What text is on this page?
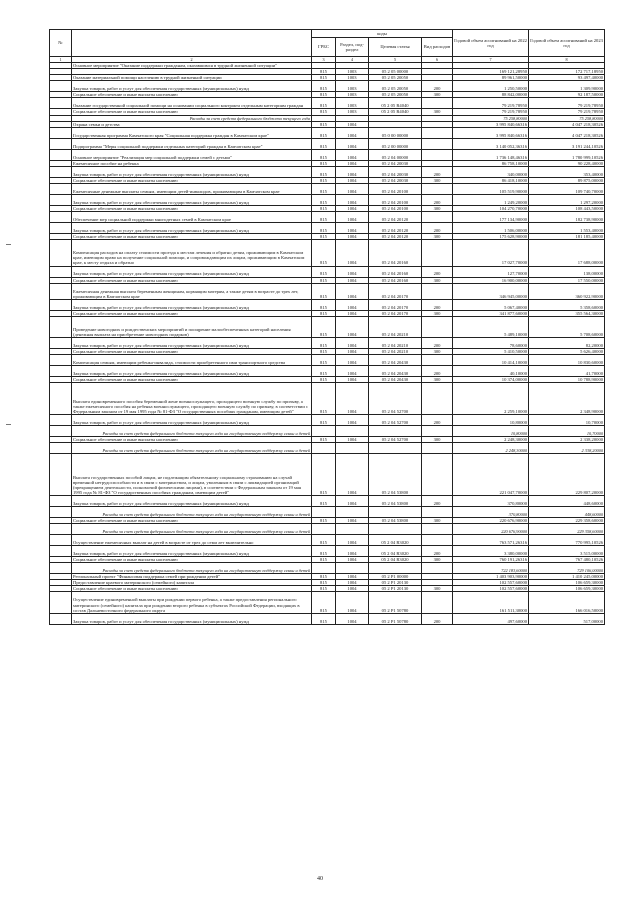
№		коды				Годовой объем ассигнований на 2022 год	Годовой объем ассигнований на 2023 год
		ГРБС	Раздел, под-раздел	Целевая статья	Вид расходов		
1	2	3	4	5	6	7	8
	Основное мероприятие "Оказание поддержки гражданам, оказавшимся в трудной жизненной ситуации"						
		815	1003	05 2 05 00000		169 121,28950	172 717,18950
	Оказание материальной помощи населению в трудной жизненной ситуации	815	1003	05 2 05 20050		89 961,50000	93 497,40000
	Закупка товаров, работ и услуг для обеспечения государственных (муниципальных) нужд	815	1003	05 2 05 20050	200	1 250,50000	1 309,90000
	Социальное обеспечение и иные выплаты населению	815	1003	05 2 05 20050	300	88 842,00000	92 187,50000
	Оказание государственной социальной помощи на основании социального контракта отдельным категориям граждан	815	1003	05 2 05 R4040		79 219,78950	79 219,78950
	Социальное обеспечение и иные выплаты населению	815	1003	05 2 05 R4040	300	79 219,78950	79 219,78950
	Расходы за счет средств федерального бюджета текущего года					75 258,80000	75 258,80000
	Охрана семьи и детства	815	1004			3 995 840,66316	4 047 218,30526
	Государственная программа Камчатского края "Социальная поддержка граждан в Камчатском крае"	815	1004	05 0 00 00000		3 995 840,66316	4 047 218,30526
	Подпрограмма "Меры социальной поддержки отдельных категорий граждан в Камчатском крае"	815	1004	05 2 00 00000		3 140 052,36316	3 191 244,10526
	Основное мероприятие "Реализация мер социальной поддержки семей с детьми"	815	1004	05 2 04 00000		1 736 148,46316	1 780 999,10526
	Ежемесячное пособие на ребенка	815	1004	05 2 04 20030		86 758,10000	90 228,40000
	Закупка товаров, работ и услуг для обеспечения государственных (муниципальных) нужд	815	1004	05 2 04 20030	200	340,00000	353,40000
	Социальное обеспечение и иные выплаты населению	815	1004	05 2 04 20030	300	86 418,10000	89 875,00000
	Ежемесячные денежные выплаты семьям, имеющим детей-инвалидов, проживающим в Камчатском крае	815	1004	05 2 04 20100		105 519,90000	109 740,70000
	Закупка товаров, работ и услуг для обеспечения государственных (муниципальных) нужд	815	1004	05 2 04 20100	200	1 249,20000	1 297,20000
	Социальное обеспечение и иные выплаты населению	815	1004	05 2 04 20100	300	104 270,70000	108 443,50000
	Обеспечение мер социальной поддержки многодетных семей в Камчатском крае	815	1004	05 2 04 20120		177 134,90000	182 738,90000
	Закупка товаров, работ и услуг для обеспечения государственных (муниципальных) нужд	815	1004	05 2 04 20120	200	1 506,00000	1 553,40000
	Социальное обеспечение и иные выплаты населению	815	1004	05 2 04 20120	300	175 628,90000	181 185,40000
	Компенсация расходов на оплату стоимости проезда к местам лечения и обратно детям, проживающим в Камчатском крае, имеющим право на получение социальной помощи, и сопровождающим их лицам, проживающим в Камчатском крае, к месту отдыха и обратно	815	1004	05 2 04 20160		17 027,70000	17 688,00000
	Закупка товаров, работ и услуг для обеспечения государственных (муниципальных) нужд	815	1004	05 2 04 20160	200	127,70000	138,00000
	Социальное обеспечение и иные выплаты населению	815	1004	05 2 04 20160	300	16 900,00000	17 550,00000
	Ежемесячная денежная выплата беременным женщинам, кормящим матерям, а также детям в возрасте до трех лет, проживающим в Камчатском крае	815	1004	05 2 04 20170		346 945,00000	360 922,90000
	Закупка товаров, работ и услуг для обеспечения государственных (муниципальных) нужд	815	1004	05 2 04 20170	200	5 067,40000	5 358,60000
	Социальное обеспечение и иные выплаты населению	815	1004	05 2 04 20170	300	341 877,60000	355 564,30000
	Проведение новогодних и рождественских мероприятий и поощрение малообеспеченных категорий населения (денежная выплата на приобретение новогодних подарков)	815	1004	05 2 04 20210		5 489,10000	5 708,60000
	Закупка товаров, работ и услуг для обеспечения государственных (муниципальных) нужд	815	1004	05 2 04 20210	200	78,60000	82,20000
	Социальное обеспечение и иные выплаты населению	815	1004	05 2 04 20210	300	5 410,50000	5 626,40000
	Компенсация семьям, имеющим ребенка-инвалида, стоимости приобретенного ими транспортного средства	815	1004	05 2 04 20430		10 414,10000	10 830,60000
	Закупка товаров, работ и услуг для обеспечения государственных (муниципальных) нужд	815	1004	05 2 04 20430	200	40,10000	41,70000
	Социальное обеспечение и иные выплаты населению	815	1004	05 2 04 20430	300	10 374,00000	10 788,90000
	Выплата единовременного пособия беременной жене военнослужащего, проходящего военную службу по призыву, а также ежемесячного пособия на ребенка военнослужащего, проходящего военную службу по призыву, в соответствии с Федеральным законом от 19 мая 1995 года № 81-ФЗ "О государственных пособиях гражданам, имеющим детей"	815	1004	05 2 04 52700		2 259,10000	2 348,90000
	Закупка товаров, работ и услуг для обеспечения государственных (муниципальных) нужд	815	1004	05 2 04 52700	200	10,80000	10,70000
	Расходы за счет средств федерального бюджета текущего года на государственную поддержку семьи и детей					10,80000	10,70000
	Социальное обеспечение и иные выплаты населению	815	1004	05 2 04 52700	300	2 248,30000	2 338,20000
	Расходы за счет средств федерального бюджета текущего года на государственную поддержку семьи и детей					2 248,30000	2 338,20000
	Выплата государственных пособий лицам, не подлежащим обязательному социальному страхованию на случай временной нетрудоспособности и в связи с материнством, и лицам, уволенным в связи с ликвидацией организаций (прекращением деятельности, полномочий физическими лицами), в соответствии с Федеральным законом от 19 мая 1995 года № 81-ФЗ "О государственных пособиях гражданам, имеющим детей"	815	1004	05 2 04 53800		221 047,70000	229 807,20000
	Закупка товаров, работ и услуг для обеспечения государственных (муниципальных) нужд	815	1004	05 2 04 53800	200	370,80000	448,60000
	Расходы за счет средств федерального бюджета текущего года на государственную поддержку семьи и детей					370,80000	448,60000
	Социальное обеспечение и иные выплаты населению	815	1004	05 2 04 53800	300	220 676,90000	229 358,60000
	Расходы за счет средств федерального бюджета текущего года на государственную поддержку семьи и детей					220 676,90000	229 358,60000
	Осуществление ежемесячных выплат на детей в возрасте от трех до семи лет включительно	815	1004	05 2 04 R3020		763 571,26316	770 995,10526
	Закупка товаров, работ и услуг для обеспечения государственных (муниципальных) нужд	815	1004	05 2 04 R3020	200	3 380,00000	3 515,00000
	Социальное обеспечение и иные выплаты населению	815	1004	05 2 04 R3020	300	760 191,26316	767 480,10526
	Расходы за счет средств федерального бюджета текущего года на государственную поддержку семьи и детей					722 183,60000	729 106,00000
	Региональный проект "Финансовая поддержка семей при рождении детей"	815	1004	05 2 P1 00000		1 403 903,90000	1 410 245,00000
	Предоставление краевого материнского (семейного) капитала	815	1004	05 2 P1 20130		102 557,60000	106 659,30000
	Социальное обеспечение и иные выплаты населению	815	1004	05 2 P1 20130	300	102 557,60000	106 659,30000
	Осуществление единовременной выплаты при рождении первого ребенка, а также предоставления регионального материнского (семейного) капитала при рождении второго ребенка в субъектах Российской Федерации, входящих в состав Дальневосточного федерального округа	815	1004	05 2 P1 50780		161 511,30000	166 016,50000
	Закупка товаров, работ и услуг для обеспечения государственных (муниципальных) нужд	815	1004	05 2 P1 50780	200	497,60000	517,00000
40
